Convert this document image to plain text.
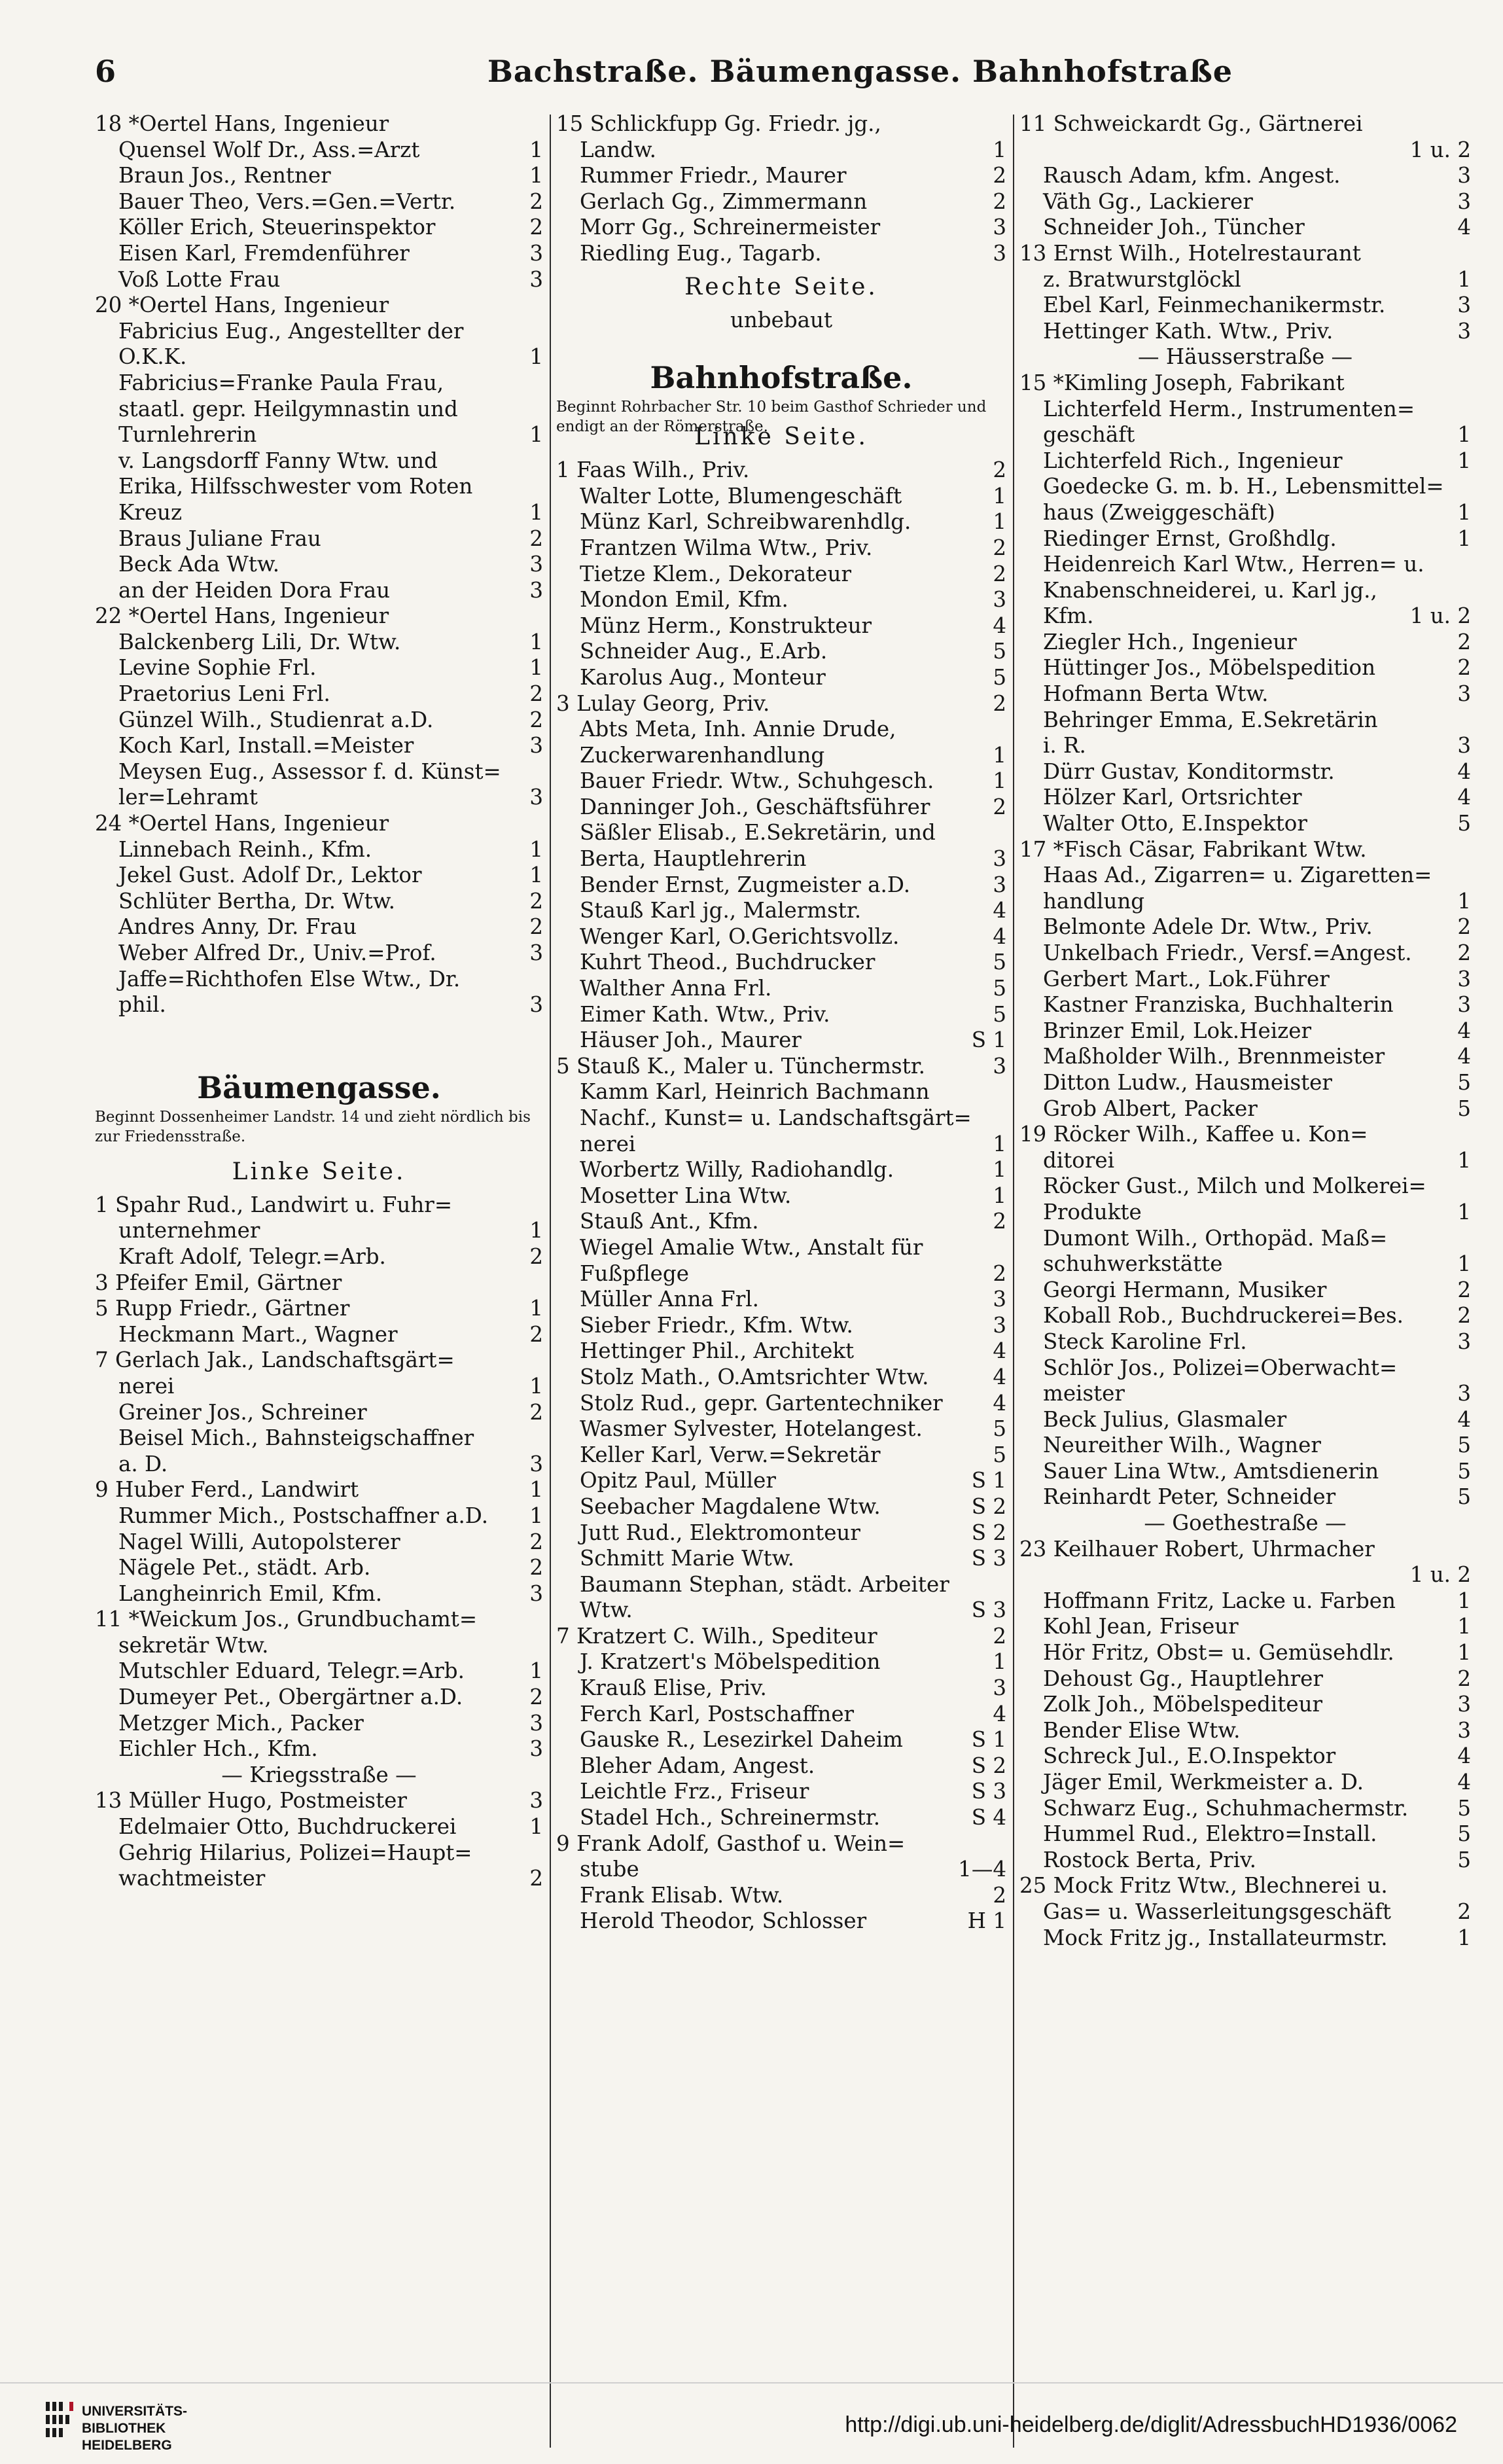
6	Bachstraße. Bäumengasse. Bahnhofstraße
18 *Oertel Hans, Ingenieur
Quensel Wolf Dr., Ass.=Arzt	1
Braun Jos., Rentner	1
Bauer Theo, Vers.=Gen.=Vertr.	2
Köller Erich, Steuerinspektor	2
Eisen Karl, Fremdenführer	3
Voß Lotte Frau	3
20 *Oertel Hans, Ingenieur
Fabricius Eug., Angestellter der
O.K.K.	1
Fabricius=Franke Paula Frau,
staatl. gepr. Heilgymnastin und
Turnlehrerin	1
v. Langsdorff Fanny Wtw. und
Erika, Hilfsschwester vom Roten
Kreuz	1
Braus Juliane Frau	2
Beck Ada Wtw.	3
an der Heiden Dora Frau	3
22 *Oertel Hans, Ingenieur
Balckenberg Lili, Dr. Wtw.	1
Levine Sophie Frl.	1
Praetorius Leni Frl.	2
Günzel Wilh., Studienrat a.D.	2
Koch Karl, Install.=Meister	3
Meysen Eug., Assessor f. d. Künst=
ler=Lehramt	3
24 *Oertel Hans, Ingenieur
Linnebach Reinh., Kfm.	1
Jekel Gust. Adolf Dr., Lektor	1
Schlüter Bertha, Dr. Wtw.	2
Andres Anny, Dr. Frau	2
Weber Alfred Dr., Univ.=Prof.	3
Jaffe=Richthofen Else Wtw., Dr.
phil.	3
Bäumengasse.
Beginnt Dossenheimer Landstr. 14 und zieht nördlich bis zur Friedensstraße.
Linke Seite.
1 Spahr Rud., Landwirt u. Fuhr=
unternehmer	1
Kraft Adolf, Telegr.=Arb.	2
3 Pfeifer Emil, Gärtner
5 Rupp Friedr., Gärtner	1
Heckmann Mart., Wagner	2
7 Gerlach Jak., Landschaftsgärt=
nerei	1
Greiner Jos., Schreiner	2
Beisel Mich., Bahnsteigschaffner
a. D.	3
9 Huber Ferd., Landwirt	1
Rummer Mich., Postschaffner a.D. 1
Nagel Willi, Autopolsterer	2
Nägele Pet., städt. Arb.	2
Langheinrich Emil, Kfm.	3
11 *Weickum Jos., Grundbuchamt=
sekretär Wtw.
Mutschler Eduard, Telegr.=Arb.	1
Dumeyer Pet., Obergärtner a.D.	2
Metzger Mich., Packer	3
Eichler Hch., Kfm.	3
— Kriegsstraße —
13 Müller Hugo, Postmeister	3
Edelmaier Otto, Buchdruckerei	1
Gehrig Hilarius, Polizei=Haupt=
wachtmeister	2
15 Schlickfupp Gg. Friedr. jg.,
Landw.	1
Rummer Friedr., Maurer	2
Gerlach Gg., Zimmermann	2
Morr Gg., Schreinermeister	3
Riedling Eug., Tagarb.	3
Rechte Seite.
unbebaut
Bahnhofstraße.
Beginnt Rohrbacher Str. 10 beim Gasthof Schrieder und endigt an der Römerstraße.
Linke Seite.
1 Faas Wilh., Priv.	2
Walter Lotte, Blumengeschäft	1
Münz Karl, Schreibwarenhdlg.	1
Frantzen Wilma Wtw., Priv.	2
Tietze Klem., Dekorateur	2
Mondon Emil, Kfm.	3
Münz Herm., Konstrukteur	4
Schneider Aug., E.Arb.	5
Karolus Aug., Monteur	5
3 Lulay Georg, Priv.	2
Abts Meta, Inh. Annie Drude,
Zuckerwarenhandlung	1
Bauer Friedr. Wtw., Schuhgesch.	1
Danninger Joh., Geschäftsführer	2
Säßler Elisab., E.Sekretärin, und
Berta, Hauptlehrerin	3
Bender Ernst, Zugmeister a.D.	3
Stauß Karl jg., Malermstr.	4
Wenger Karl, O.Gerichtsvollz.	4
Kuhrt Theod., Buchdrucker	5
Walther Anna Frl.	5
Eimer Kath. Wtw., Priv.	5
Häuser Joh., Maurer	S 1
5 Stauß K., Maler u. Tünchermstr.	3
Kamm Karl, Heinrich Bachmann
Nachf., Kunst= u. Landschaftsgärt=
nerei	1
Worbertz Willy, Radiohandlg.	1
Mosetter Lina Wtw.	1
Stauß Ant., Kfm.	2
Wiegel Amalie Wtw., Anstalt für
Fußpflege	2
Müller Anna Frl.	3
Sieber Friedr., Kfm. Wtw.	3
Hettinger Phil., Architekt	4
Stolz Math., O.Amtsrichter Wtw.	4
Stolz Rud., gepr. Gartentechniker 4
Wasmer Sylvester, Hotelangest.	5
Keller Karl, Verw.=Sekretär	5
Opitz Paul, Müller	S 1
Seebacher Magdalene Wtw.	S 2
Jutt Rud., Elektromonteur	S 2
Schmitt Marie Wtw.	S 3
Baumann Stephan, städt. Arbeiter
Wtw.	S 3
7 Kratzert C. Wilh., Spediteur	2
J. Kratzert's Möbelspedition	1
Krauß Elise, Priv.	3
Ferch Karl, Postschaffner	4
Gauske R., Lesezirkel Daheim	S 1
Bleher Adam, Angest.	S 2
Leichtle Frz., Friseur	S 3
Stadel Hch., Schreinermstr.	S 4
9 Frank Adolf, Gasthof u. Wein=
stube	1—4
Frank Elisab. Wtw.	2
Herold Theodor, Schlosser	H 1
11 Schweickardt Gg., Gärtnerei
1 u. 2
Rausch Adam, kfm. Angest.	3
Väth Gg., Lackierer	3
Schneider Joh., Tüncher	4
13 Ernst Wilh., Hotelrestaurant
z. Bratwurstglöckl	1
Ebel Karl, Feinmechanikermstr.	3
Hettinger Kath. Wtw., Priv.	3
— Häusserstraße —
15 *Kimling Joseph, Fabrikant
Lichterfeld Herm., Instrumenten=
geschäft	1
Lichterfeld Rich., Ingenieur	1
Goedecke G. m. b. H., Lebensmittel=
haus (Zweiggeschäft)	1
Riedinger Ernst, Großhdlg.	1
Heidenreich Karl Wtw., Herren= u.
Knabenschneiderei, u. Karl jg.,
Kfm.	1 u. 2
Ziegler Hch., Ingenieur	2
Hüttinger Jos., Möbelspedition	2
Hofmann Berta Wtw.	3
Behringer Emma, E.Sekretärin
i. R.	3
Dürr Gustav, Konditormstr.	4
Hölzer Karl, Ortsrichter	4
Walter Otto, E.Inspektor	5
17 *Fisch Cäsar, Fabrikant Wtw.
Haas Ad., Zigarren= u. Zigaretten=
handlung	1
Belmonte Adele Dr. Wtw., Priv.	2
Unkelbach Friedr., Versf.=Angest. 2
Gerbert Mart., Lok.Führer	3
Kastner Franziska, Buchhalterin	3
Brinzer Emil, Lok.Heizer	4
Maßholder Wilh., Brennmeister	4
Ditton Ludw., Hausmeister	5
Grob Albert, Packer	5
19 Röcker Wilh., Kaffee u. Kon=
ditorei	1
Röcker Gust., Milch und Molkerei=
Produkte	1
Dumont Wilh., Orthopäd. Maß=
schuhwerkstätte	1
Georgi Hermann, Musiker	2
Koball Rob., Buchdruckerei=Bes.	2
Steck Karoline Frl.	3
Schlör Jos., Polizei=Oberwacht=
meister	3
Beck Julius, Glasmaler	4
Neureither Wilh., Wagner	5
Sauer Lina Wtw., Amtsdienerin	5
Reinhardt Peter, Schneider	5
— Goethestraße —
23 Keilhauer Robert, Uhrmacher
1 u. 2
Hoffmann Fritz, Lacke u. Farben	1
Kohl Jean, Friseur	1
Hör Fritz, Obst= u. Gemüsehdlr.	1
Dehoust Gg., Hauptlehrer	2
Zolk Joh., Möbelspediteur	3
Bender Elise Wtw.	3
Schreck Jul., E.O.Inspektor	4
Jäger Emil, Werkmeister a. D.	4
Schwarz Eug., Schuhmachermstr. 5
Hummel Rud., Elektro=Install.	5
Rostock Berta, Priv.	5
25 Mock Fritz Wtw., Blechnerei u.
Gas= u. Wasserleitungsgeschäft	2
Mock Fritz jg., Installateurmstr.	1
UNIVERSITÄTS-
BIBLIOTHEK
HEIDELBERG
http://digi.ub.uni-heidelberg.de/diglit/AdressbuchHD1936/0062
